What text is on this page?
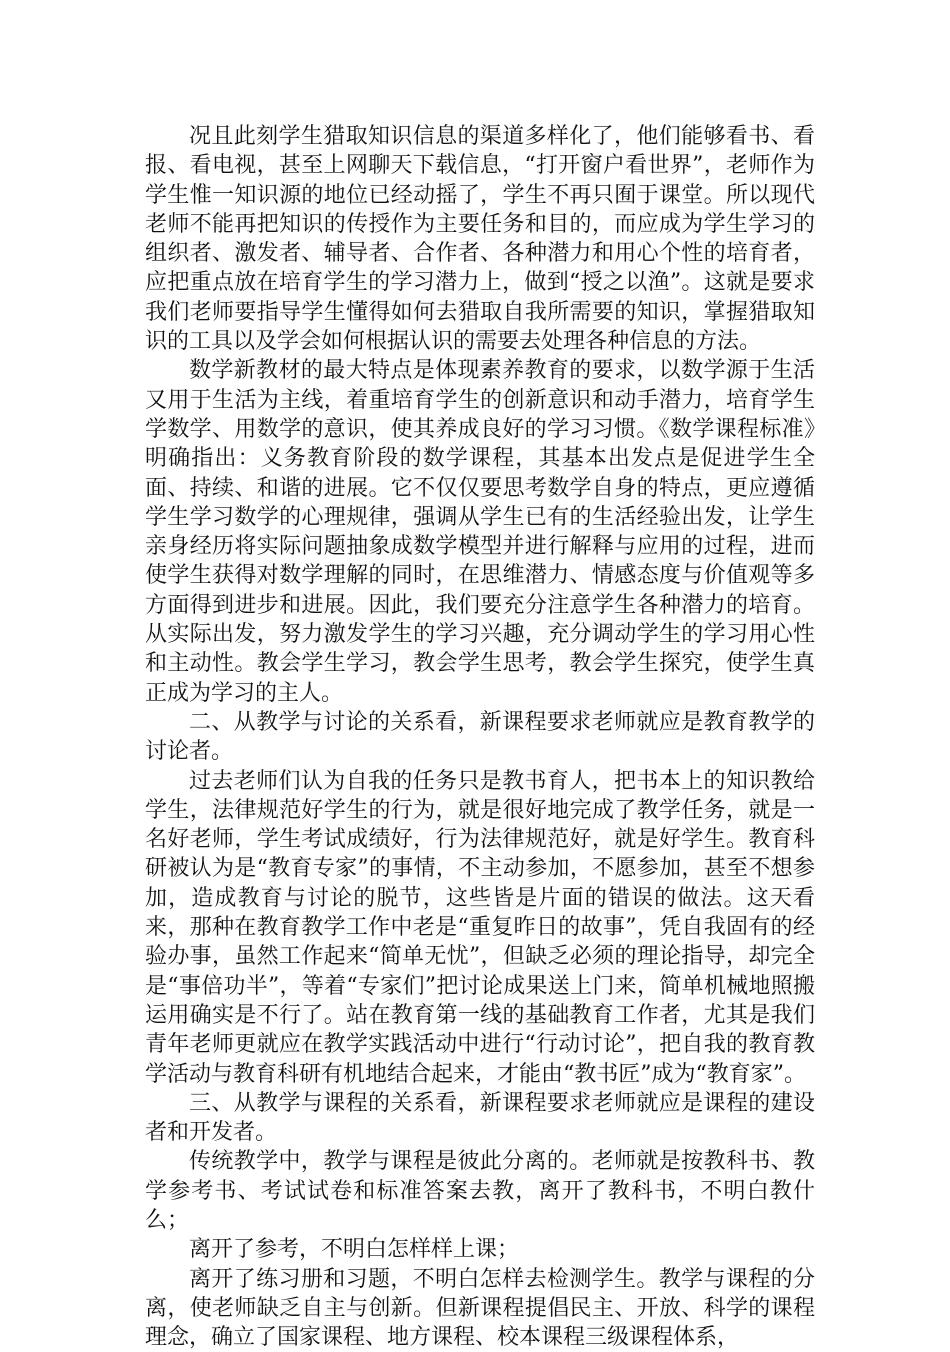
况且此刻学生猎取知识信息的渠道多样化了，他们能够看书、看报、看电视，甚至上网聊天下载信息，“打开窗户看世界”，老师作为学生惟一知识源的地位已经动摇了，学生不再只囿于课堂。所以现代老师不能再把知识的传授作为主要任务和目的，而应成为学生学习的组织者、激发者、辅导者、合作者、各种潜力和用心个性的培育者，应把重点放在培育学生的学习潜力上，做到“授之以渔”。这就是要求我们老师要指导学生懂得如何去猎取自我所需要的知识，掌握猎取知识的工具以及学会如何根据认识的需要去处理各种信息的方法。

数学新教材的最大特点是体现素养教育的要求，以数学源于生活又用于生活为主线，着重培育学生的创新意识和动手潜力，培育学生学数学、用数学的意识，使其养成良好的学习习惯。《数学课程标准》明确指出：义务教育阶段的数学课程，其基本出发点是促进学生全面、持续、和谐的进展。它不仅仅要思考数学自身的特点，更应遵循学生学习数学的心理规律，强调从学生已有的生活经验出发，让学生亲身经历将实际问题抽象成数学模型并进行解释与应用的过程，进而使学生获得对数学理解的同时，在思维潜力、情感态度与价值观等多方面得到进步和进展。因此，我们要充分注意学生各种潜力的培育。从实际出发，努力激发学生的学习兴趣，充分调动学生的学习用心性和主动性。教会学生学习，教会学生思考，教会学生探究，使学生真正成为学习的主人。

二、从教学与讨论的关系看，新课程要求老师就应是教育教学的讨论者。

过去老师们认为自我的任务只是教书育人，把书本上的知识教给学生，法律规范好学生的行为，就是很好地完成了教学任务，就是一名好老师，学生考试成绩好，行为法律规范好，就是好学生。教育科研被认为是“教育专家”的事情，不主动参加，不愿参加，甚至不想参加，造成教育与讨论的脱节，这些皆是片面的错误的做法。这天看来，那种在教育教学工作中老是“重复昨日的故事”，凭自我固有的经验办事，虽然工作起来“简单无忧”，但缺乏必须的理论指导，却完全是“事倍功半”，等着“专家们”把讨论成果送上门来，简单机械地照搬运用确实是不行了。站在教育第一线的基础教育工作者，尤其是我们青年老师更就应在教学实践活动中进行“行动讨论”，把自我的教育教学活动与教育科研有机地结合起来，才能由“教书匠”成为“教育家”。

三、从教学与课程的关系看，新课程要求老师就应是课程的建设者和开发者。

传统教学中，教学与课程是彼此分离的。老师就是按教科书、教学参考书、考试试卷和标准答案去教，离开了教科书，不明白教什么；

离开了参考，不明白怎样样上课；

离开了练习册和习题，不明白怎样去检测学生。教学与课程的分离，使老师缺乏自主与创新。但新课程提倡民主、开放、科学的课程理念，确立了国家课程、地方课程、校本课程三级课程体系，
